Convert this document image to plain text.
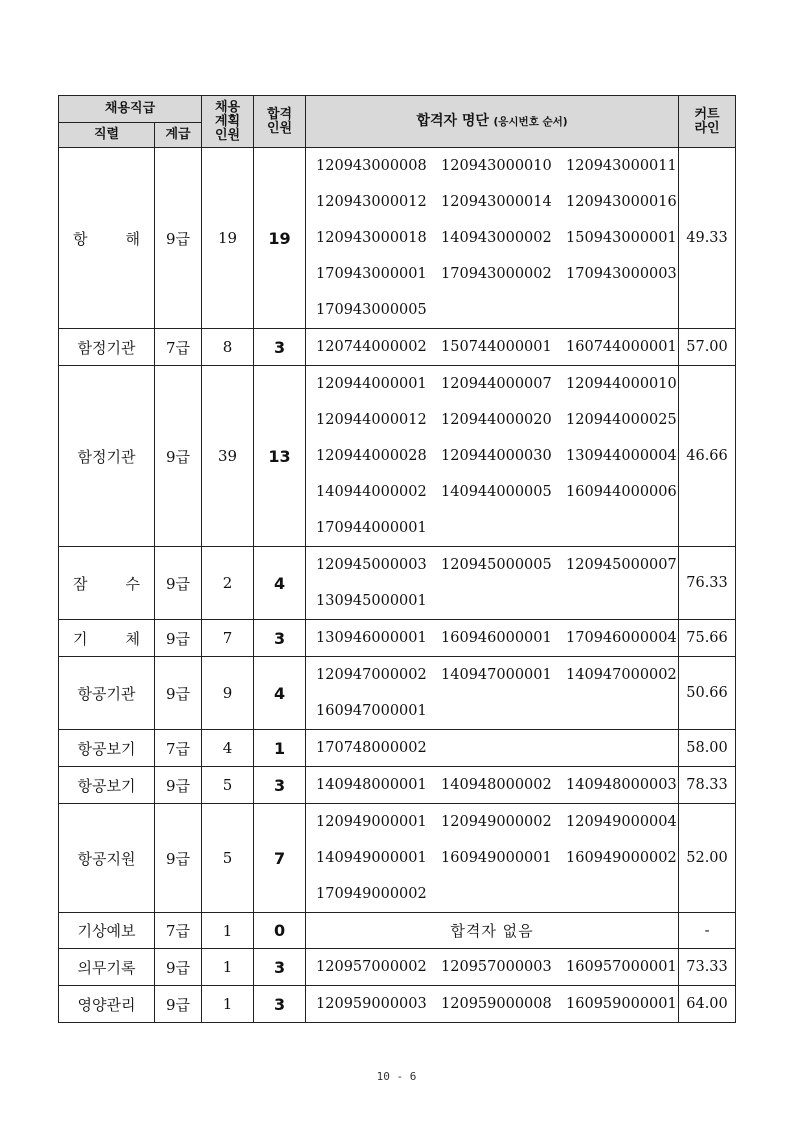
채용직급		채용
계획
인원	합격
인원	합격자 명단 (응시번호 순서)	커트
라인

직렬	계급				
항 해	9급	19	19	120943000008 120943000010 120943000011
120943000012 120943000014 120943000016
120943000018 140943000002 150943000001
170943000001 170943000002 170943000003
170943000005	49.33
함정기관	7급	8	3	120744000002 150744000001 160744000001	57.00
함정기관	9급	39	13	120944000001 120944000007 120944000010
120944000012 120944000020 120944000025
120944000028 120944000030 130944000004
140944000002 140944000005 160944000006
170944000001	46.66
잠 수	9급	2	4	120945000003 120945000005 120945000007
130945000001	76.33
기 체	9급	7	3	130946000001 160946000001 170946000004	75.66
항공기관	9급	9	4	120947000002 140947000001 140947000002
160947000001	50.66
항공보기	7급	4	1	170748000002	58.00
항공보기	9급	5	3	140948000001 140948000002 140948000003	78.33
항공지원	9급	5	7	120949000001 120949000002 120949000004
140949000001 160949000001 160949000002
170949000002	52.00
기상예보	7급	1	0	합격자 없음	-
의무기록	9급	1	3	120957000002 120957000003 160957000001	73.33
영양관리	9급	1	3	120959000003 120959000008 160959000001	64.00
10 - 6
